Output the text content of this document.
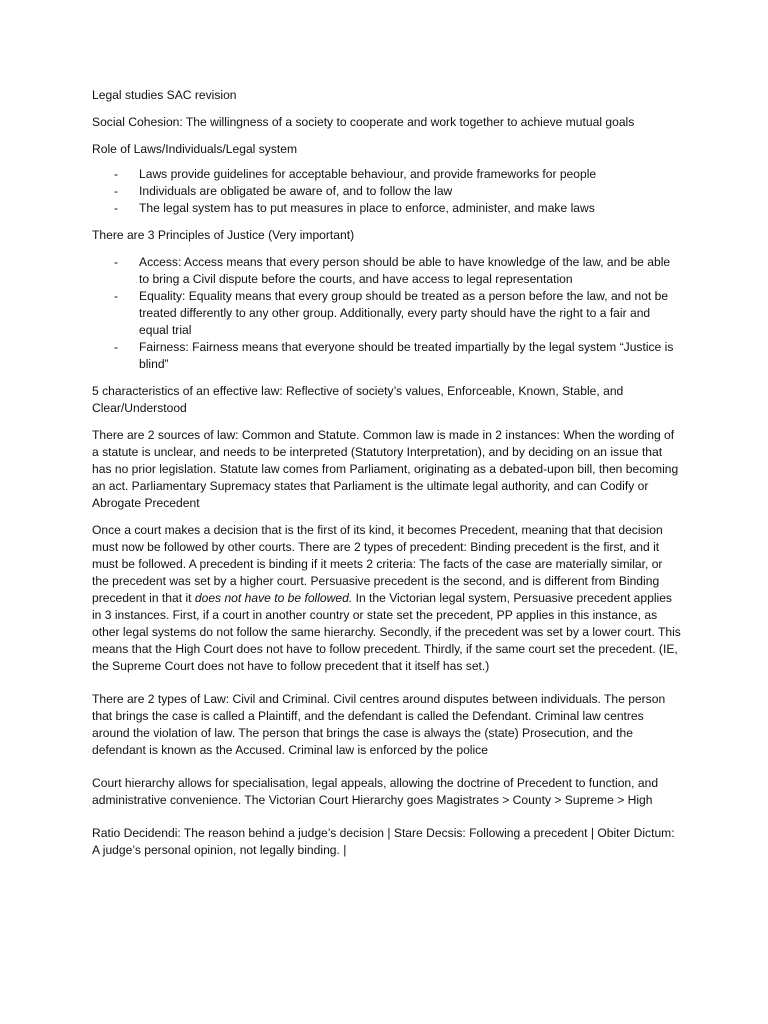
Legal studies SAC revision

Social Cohesion: The willingness of a society to cooperate and work together to achieve mutual goals

Role of Laws/Individuals/Legal system

- Laws provide guidelines for acceptable behaviour, and provide frameworks for people
- Individuals are obligated be aware of, and to follow the law
- The legal system has to put measures in place to enforce, administer, and make laws

There are 3 Principles of Justice (Very important)

- Access: Access means that every person should be able to have knowledge of the law, and be able to bring a Civil dispute before the courts, and have access to legal representation
- Equality: Equality means that every group should be treated as a person before the law, and not be treated differently to any other group. Additionally, every party should have the right to a fair and equal trial
- Fairness: Fairness means that everyone should be treated impartially by the legal system “Justice is blind”

5 characteristics of an effective law: Reflective of society’s values, Enforceable, Known, Stable, and Clear/Understood

There are 2 sources of law: Common and Statute. Common law is made in 2 instances: When the wording of a statute is unclear, and needs to be interpreted (Statutory Interpretation), and by deciding on an issue that has no prior legislation. Statute law comes from Parliament, originating as a debated-upon bill, then becoming an act. Parliamentary Supremacy states that Parliament is the ultimate legal authority, and can Codify or Abrogate Precedent

Once a court makes a decision that is the first of its kind, it becomes Precedent, meaning that that decision must now be followed by other courts. There are 2 types of precedent: Binding precedent is the first, and it must be followed. A precedent is binding if it meets 2 criteria: The facts of the case are materially similar, or the precedent was set by a higher court. Persuasive precedent is the second, and is different from Binding precedent in that it does not have to be followed. In the Victorian legal system, Persuasive precedent applies in 3 instances. First, if a court in another country or state set the precedent, PP applies in this instance, as other legal systems do not follow the same hierarchy. Secondly, if the precedent was set by a lower court. This means that the High Court does not have to follow precedent. Thirdly, if the same court set the precedent. (IE, the Supreme Court does not have to follow precedent that it itself has set.)

There are 2 types of Law: Civil and Criminal. Civil centres around disputes between individuals. The person that brings the case is called a Plaintiff, and the defendant is called the Defendant. Criminal law centres around the violation of law. The person that brings the case is always the (state) Prosecution, and the defendant is known as the Accused. Criminal law is enforced by the police

Court hierarchy allows for specialisation, legal appeals, allowing the doctrine of Precedent to function, and administrative convenience. The Victorian Court Hierarchy goes Magistrates > County > Supreme > High

Ratio Decidendi: The reason behind a judge’s decision | Stare Decsis: Following a precedent | Obiter Dictum: A judge’s personal opinion, not legally binding. |
